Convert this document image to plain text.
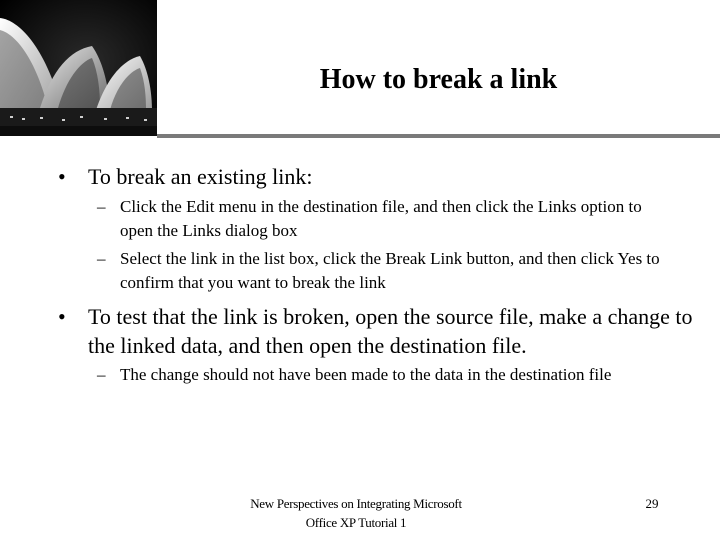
How to break a link
• To break an existing link:
– Click the Edit menu in the destination file, and then click the Links option to open the Links dialog box
– Select the link in the list box, click the Break Link button, and then click Yes to confirm that you want to break the link
• To test that the link is broken, open the source file, make a change to the linked data, and then open the destination file.
– The change should not have been made to the data in the destination file
New Perspectives on Integrating Microsoft
Office XP Tutorial 1
29
